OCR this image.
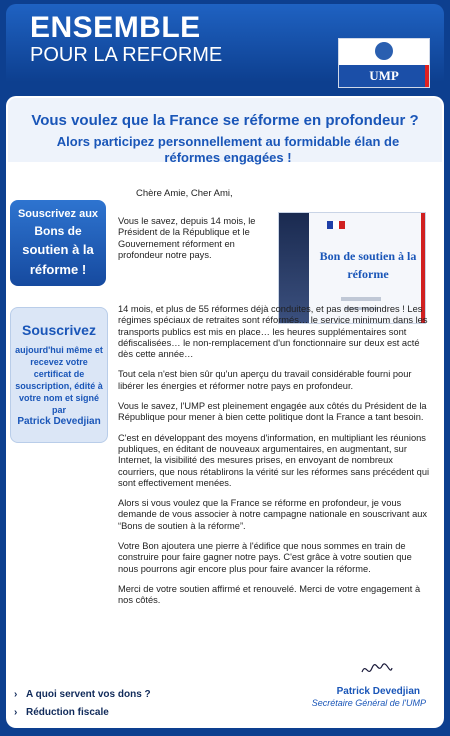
ENSEMBLE
POUR LA REFORME
UMP
Vous voulez que la France se réforme en profondeur ?
Alors participez personnellement au formidable élan de réformes engagées !
Souscrivez aux
Bons de
soutien à la
réforme !
Souscrivez
aujourd'hui même et recevez votre certificat de souscription, édité à votre nom et signé par
Patrick Devedjian
Chère Amie, Cher Ami,
Bon de soutien à la réforme

Vous le savez, depuis 14 mois, le Président de la République et le Gouvernement réforment en profondeur notre pays.

14 mois, et plus de 55 réformes déjà conduites, et pas des moindres ! Les régimes spéciaux de retraites sont réformés… le service minimum dans les transports publics est mis en place… les heures supplémentaires sont défiscalisées… le non-remplacement d'un fonctionnaire sur deux est acté dès cette année…

Tout cela n'est bien sûr qu'un aperçu du travail considérable fourni pour libérer les énergies et réformer notre pays en profondeur.

Vous le savez, l'UMP est pleinement engagée aux côtés du Président de la République pour mener à bien cette politique dont la France a tant besoin.

C'est en développant des moyens d'information, en multipliant les réunions publiques, en éditant de nouveaux argumentaires, en augmentant, sur Internet, la visibilité des mesures prises, en envoyant de nombreux courriers, que nous rétablirons la vérité sur les réformes sans précédent qui sont effectivement menées.

Alors si vous voulez que la France se réforme en profondeur, je vous demande de vous associer à notre campagne nationale en souscrivant aux “Bons de soutien à la réforme”.

Votre Bon ajoutera une pierre à l'édifice que nous sommes en train de construire pour faire gagner notre pays. C'est grâce à votre soutien que nous pourrons agir encore plus pour faire avancer la réforme.

Merci de votre soutien affirmé et renouvelé. Merci de votre engagement à nos côtés.

Patrick Devedjian
Secrétaire Général de l'UMP
› A quoi servent vos dons ?
› Réduction fiscale
